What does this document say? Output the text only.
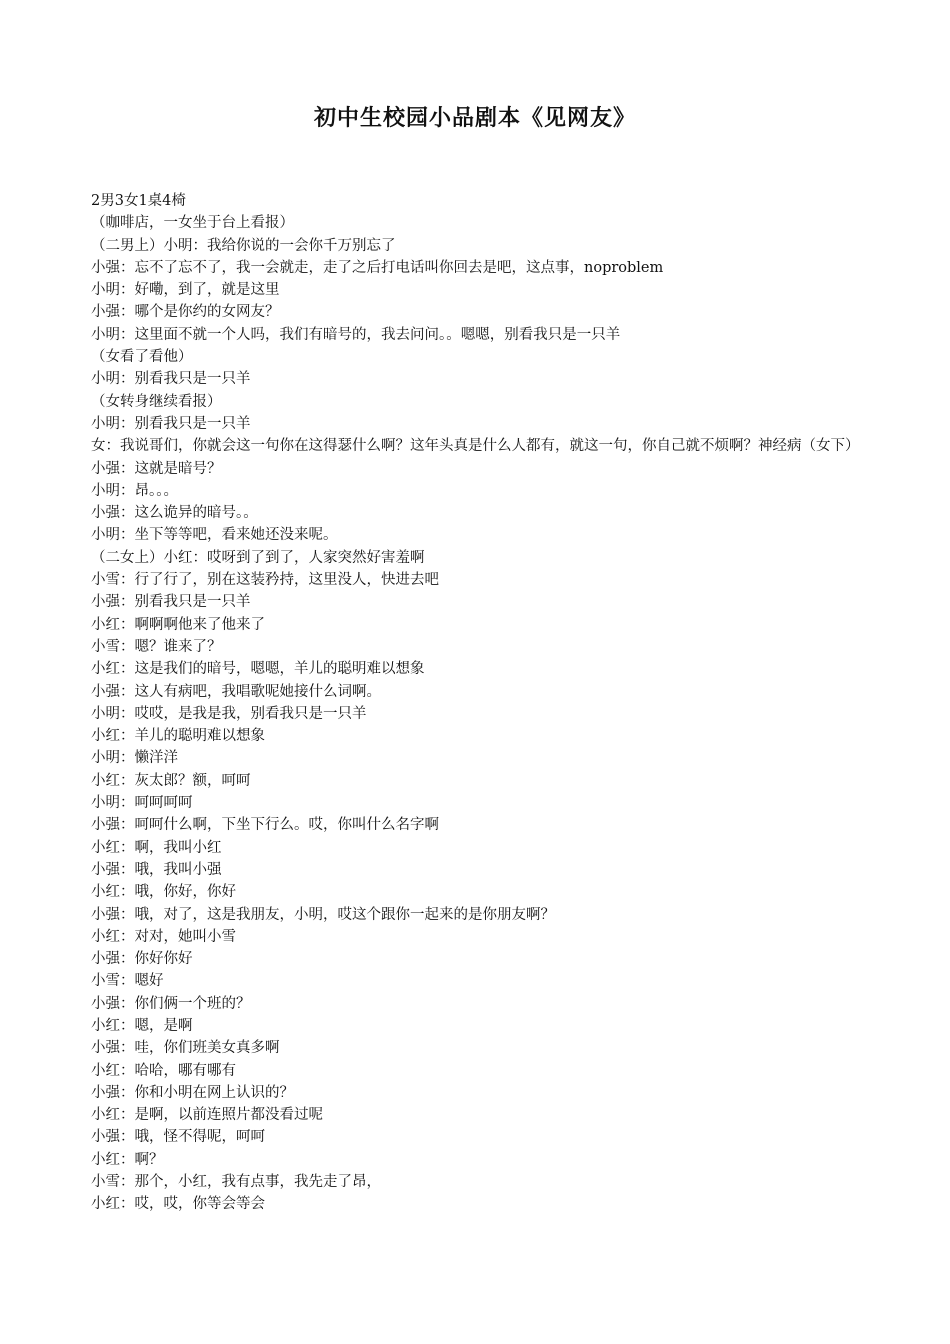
初中生校园小品剧本《见网友》
2男3女1桌4椅
（咖啡店，一女坐于台上看报）
（二男上）小明：我给你说的一会你千万别忘了
小强：忘不了忘不了，我一会就走，走了之后打电话叫你回去是吧，这点事，noproblem
小明：好嘞，到了，就是这里
小强：哪个是你约的女网友？
小明：这里面不就一个人吗，我们有暗号的，我去问问。。嗯嗯，别看我只是一只羊
（女看了看他）
小明：别看我只是一只羊
（女转身继续看报）
小明：别看我只是一只羊
女：我说哥们，你就会这一句你在这得瑟什么啊？这年头真是什么人都有，就这一句，你自己就不烦啊？神经病（女下）
小强：这就是暗号？
小明：昂。。。
小强：这么诡异的暗号。。
小明：坐下等等吧，看来她还没来呢。
（二女上）小红：哎呀到了到了，人家突然好害羞啊
小雪：行了行了，别在这装矜持，这里没人，快进去吧
小强：别看我只是一只羊
小红：啊啊啊他来了他来了
小雪：嗯？谁来了？
小红：这是我们的暗号，嗯嗯，羊儿的聪明难以想象
小强：这人有病吧，我唱歌呢她接什么词啊。
小明：哎哎，是我是我，别看我只是一只羊
小红：羊儿的聪明难以想象
小明：懒洋洋
小红：灰太郎？额，呵呵
小明：呵呵呵呵
小强：呵呵什么啊，下坐下行么。哎，你叫什么名字啊
小红：啊，我叫小红
小强：哦，我叫小强
小红：哦，你好，你好
小强：哦，对了，这是我朋友，小明，哎这个跟你一起来的是你朋友啊？
小红：对对，她叫小雪
小强：你好你好
小雪：嗯好
小强：你们俩一个班的？
小红：嗯，是啊
小强：哇，你们班美女真多啊
小红：哈哈，哪有哪有
小强：你和小明在网上认识的？
小红：是啊，以前连照片都没看过呢
小强：哦，怪不得呢，呵呵
小红：啊？
小雪：那个，小红，我有点事，我先走了昂，
小红：哎，哎，你等会等会
